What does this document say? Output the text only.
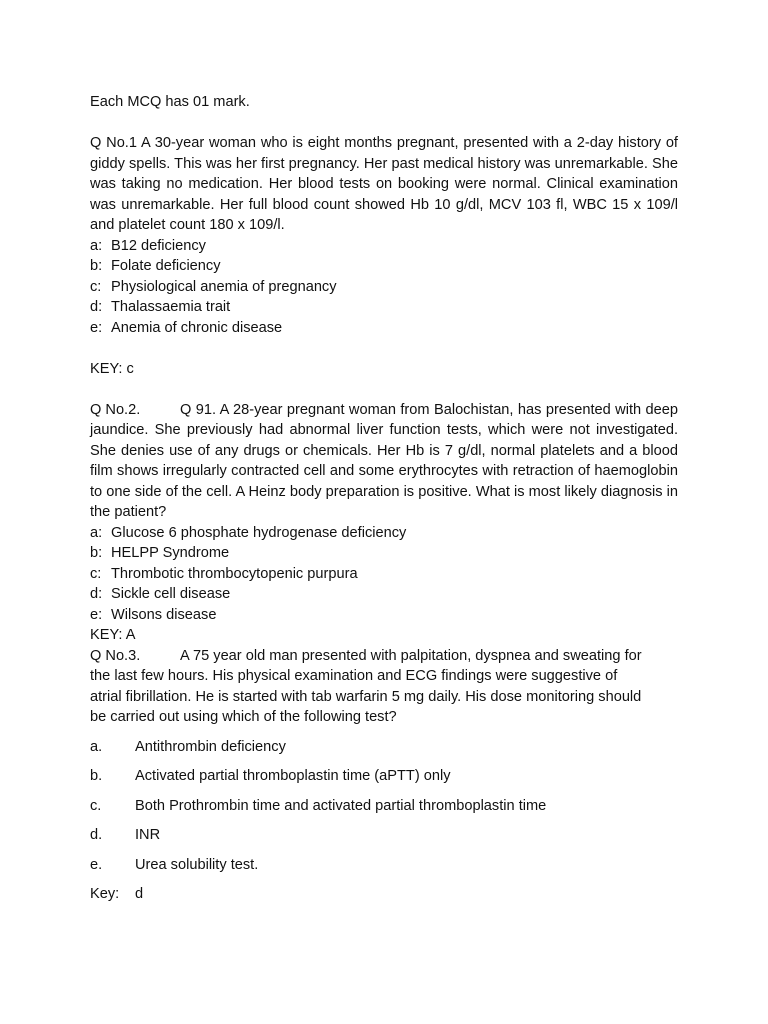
Each MCQ has 01 mark.
Q No.1 A 30-year woman who is eight months pregnant, presented with a 2-day history of giddy spells. This was her first pregnancy. Her past medical history was unremarkable. She was taking no medication. Her blood tests on booking were normal. Clinical examination was unremarkable. Her full blood count showed Hb 10 g/dl, MCV 103 fl, WBC 15 x 109/l and platelet count 180 x 109/l.
a: B12 deficiency
b: Folate deficiency
c: Physiological anemia of pregnancy
d: Thalassaemia trait
e: Anemia of chronic disease
KEY: c
Q No.2.	Q 91. A 28-year pregnant woman from Balochistan, has presented with deep jaundice. She previously had abnormal liver function tests, which were not investigated. She denies use of any drugs or chemicals. Her Hb is 7 g/dl, normal platelets and a blood film shows irregularly contracted cell and some erythrocytes with retraction of haemoglobin to one side of the cell. A Heinz body preparation is positive. What is most likely diagnosis in the patient?
a: Glucose 6 phosphate hydrogenase deficiency
b: HELPP Syndrome
c: Thrombotic thrombocytopenic purpura
d: Sickle cell disease
e: Wilsons disease
KEY: A
Q No.3.	A 75 year old man presented with palpitation, dyspnea and sweating for
the last few hours. His physical examination and ECG findings were suggestive of atrial fibrillation. He is started with tab warfarin 5 mg daily. His dose monitoring should be carried out using which of the following test?
a. Antithrombin deficiency
b. Activated partial thromboplastin time (aPTT) only
c. Both Prothrombin time and activated partial thromboplastin time
d. INR
e. Urea solubility test.
Key: d
